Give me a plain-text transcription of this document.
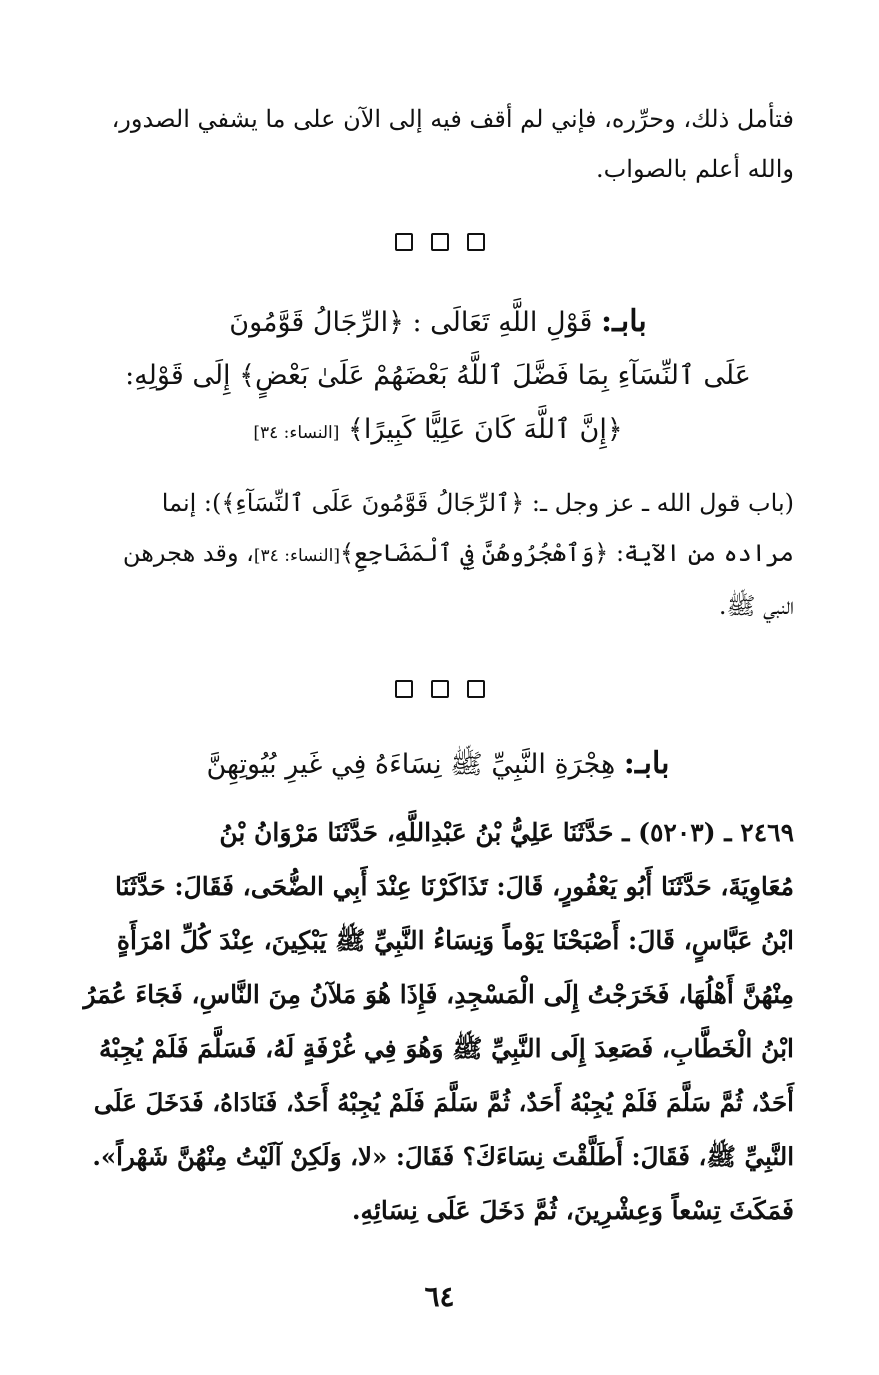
فتأمل ذلك، وحرِّره، فإني لم أقف فيه إلى الآن على ما يشفي الصدور،
والله أعلم بالصواب.
بابـ: قَوْلِ اللَّهِ تَعَالَى : ﴿الرِّجَالُ قَوَّمُونَ
عَلَى ٱلنِّسَآءِ بِمَا فَضَّلَ ٱللَّهُ بَعْضَهُمْ عَلَىٰ بَعْضٍ﴾ إِلَى قَوْلِهِ:
﴿إِنَّ ٱللَّهَ كَانَ عَلِيًّا كَبِيرًا﴾ [النساء: ٣٤]
(باب قول الله ـ عز وجل ـ: ﴿ٱلرِّجَالُ قَوَّمُونَ عَلَى ٱلنِّسَآءِ﴾): إنما
مراده من الآية: ﴿وَٱهْجُرُوهُنَّ فِي ٱلْمَضَاجِعِ﴾[النساء: ٣٤]، وقد هجرهن
النبي ﷺ.
بابـ: هِجْرَةِ النَّبِيِّ ﷺ نِسَاءَهُ فِي غَيرِ بُيُوتِهِنَّ
٢٤٦٩ ـ (٥٢٠٣) ـ حَدَّثَنَا عَلِيُّ بْنُ عَبْدِاللَّهِ، حَدَّثَنَا مَرْوَانُ بْنُ
مُعَاوِيَةَ، حَدَّثَنَا أَبُو يَعْفُورٍ، قَالَ: تَذَاكَرْنَا عِنْدَ أَبِي الضُّحَى، فَقَالَ: حَدَّثَنَا
ابْنُ عَبَّاسٍ، قَالَ: أَصْبَحْنَا يَوْماً وَنِسَاءُ النَّبِيِّ ﷺ يَبْكِينَ، عِنْدَ كُلِّ امْرَأَةٍ
مِنْهُنَّ أَهْلُهَا، فَخَرَجْتُ إِلَى الْمَسْجِدِ، فَإِذَا هُوَ مَلآنُ مِنَ النَّاسِ، فَجَاءَ عُمَرُ
ابْنُ الْخَطَّابِ، فَصَعِدَ إِلَى النَّبِيِّ ﷺ وَهُوَ فِي غُرْفَةٍ لَهُ، فَسَلَّمَ فَلَمْ يُجِبْهُ
أَحَدٌ، ثُمَّ سَلَّمَ فَلَمْ يُجِبْهُ أَحَدٌ، ثُمَّ سَلَّمَ فَلَمْ يُجِبْهُ أَحَدٌ، فَنَادَاهُ، فَدَخَلَ عَلَى
النَّبِيِّ ﷺ، فَقَالَ: أَطَلَّقْتَ نِسَاءَكَ؟ فَقَالَ: «لا، وَلَكِنْ آلَيْتُ مِنْهُنَّ شَهْراً».
فَمَكَثَ تِسْعاً وَعِشْرِينَ، ثُمَّ دَخَلَ عَلَى نِسَائِهِ.
٦٤
